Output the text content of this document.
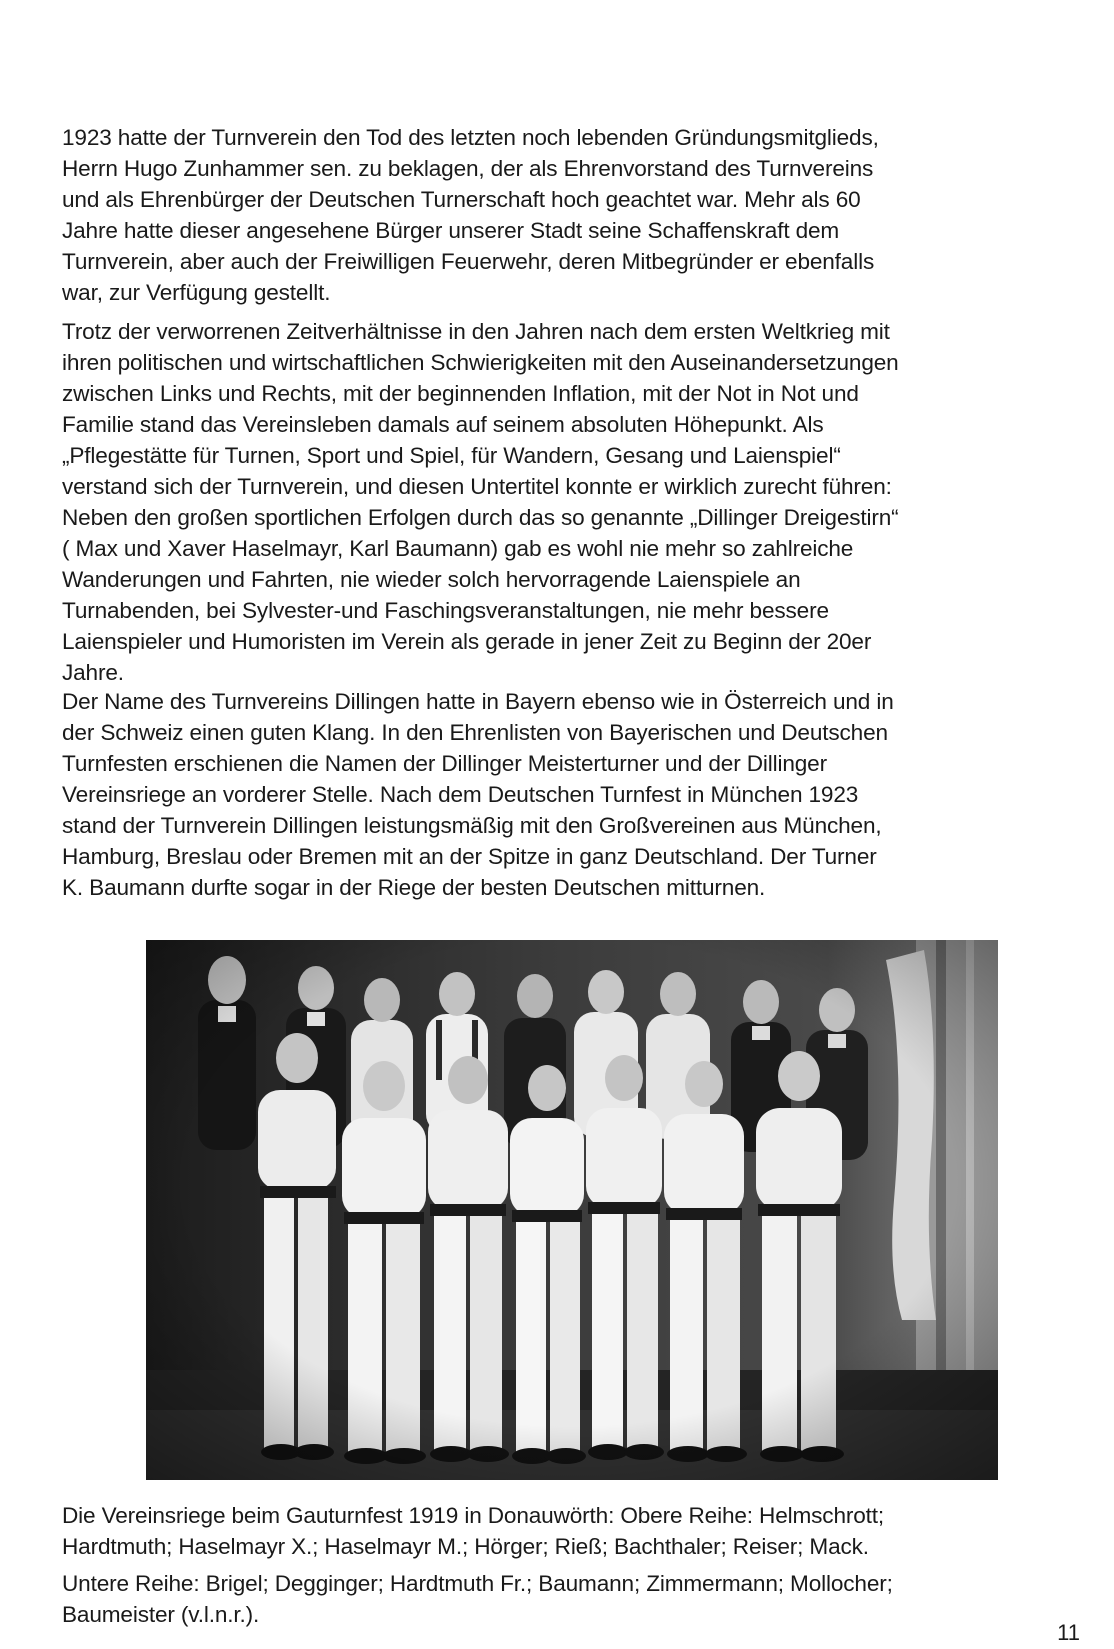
1923 hatte der Turnverein den Tod des letzten noch lebenden Gründungsmitglieds,
Herrn Hugo Zunhammer sen. zu beklagen, der als Ehrenvorstand des Turnvereins
und als Ehrenbürger der Deutschen Turnerschaft hoch geachtet war. Mehr als 60
Jahre hatte dieser angesehene Bürger unserer Stadt seine Schaffenskraft dem
Turnverein, aber auch der Freiwilligen Feuerwehr, deren Mitbegründer er ebenfalls
war, zur Verfügung gestellt.
Trotz der verworrenen Zeitverhältnisse in den Jahren nach dem ersten Weltkrieg mit
ihren politischen und wirtschaftlichen Schwierigkeiten mit den Auseinandersetzungen
zwischen Links und Rechts, mit der beginnenden Inflation, mit der Not in Not und
Familie stand das Vereinsleben damals auf seinem absoluten Höhepunkt. Als
„Pflegestätte für Turnen, Sport und Spiel, für Wandern, Gesang und Laienspiel“
verstand sich der Turnverein, und diesen Untertitel konnte er wirklich zurecht führen:
Neben den großen sportlichen Erfolgen durch das so genannte „Dillinger Dreigestirn“
( Max und Xaver Haselmayr, Karl Baumann) gab es wohl nie mehr so zahlreiche
Wanderungen und Fahrten, nie wieder solch hervorragende Laienspiele an
Turnabenden, bei Sylvester-und Faschingsveranstaltungen, nie mehr bessere
Laienspieler und Humoristen im Verein als gerade in jener Zeit zu Beginn der 20er
Jahre.
Der Name des Turnvereins Dillingen hatte in Bayern ebenso wie in Österreich und in
der Schweiz einen guten Klang. In den Ehrenlisten von Bayerischen und Deutschen
Turnfesten erschienen die Namen der Dillinger Meisterturner und der Dillinger
Vereinsriege an vorderer Stelle. Nach dem Deutschen Turnfest in München 1923
stand der Turnverein Dillingen leistungsmäßig mit den Großvereinen aus München,
Hamburg, Breslau oder Bremen mit an der Spitze in ganz Deutschland. Der Turner
K. Baumann durfte sogar in der Riege der besten Deutschen mitturnen.
Die Vereinsriege beim Gauturnfest 1919 in Donauwörth: Obere Reihe: Helmschrott;
Hardtmuth; Haselmayr X.; Haselmayr M.; Hörger; Rieß; Bachthaler; Reiser; Mack.
Untere Reihe: Brigel; Degginger; Hardtmuth Fr.; Baumann; Zimmermann; Mollocher;
Baumeister (v.l.n.r.).
11
